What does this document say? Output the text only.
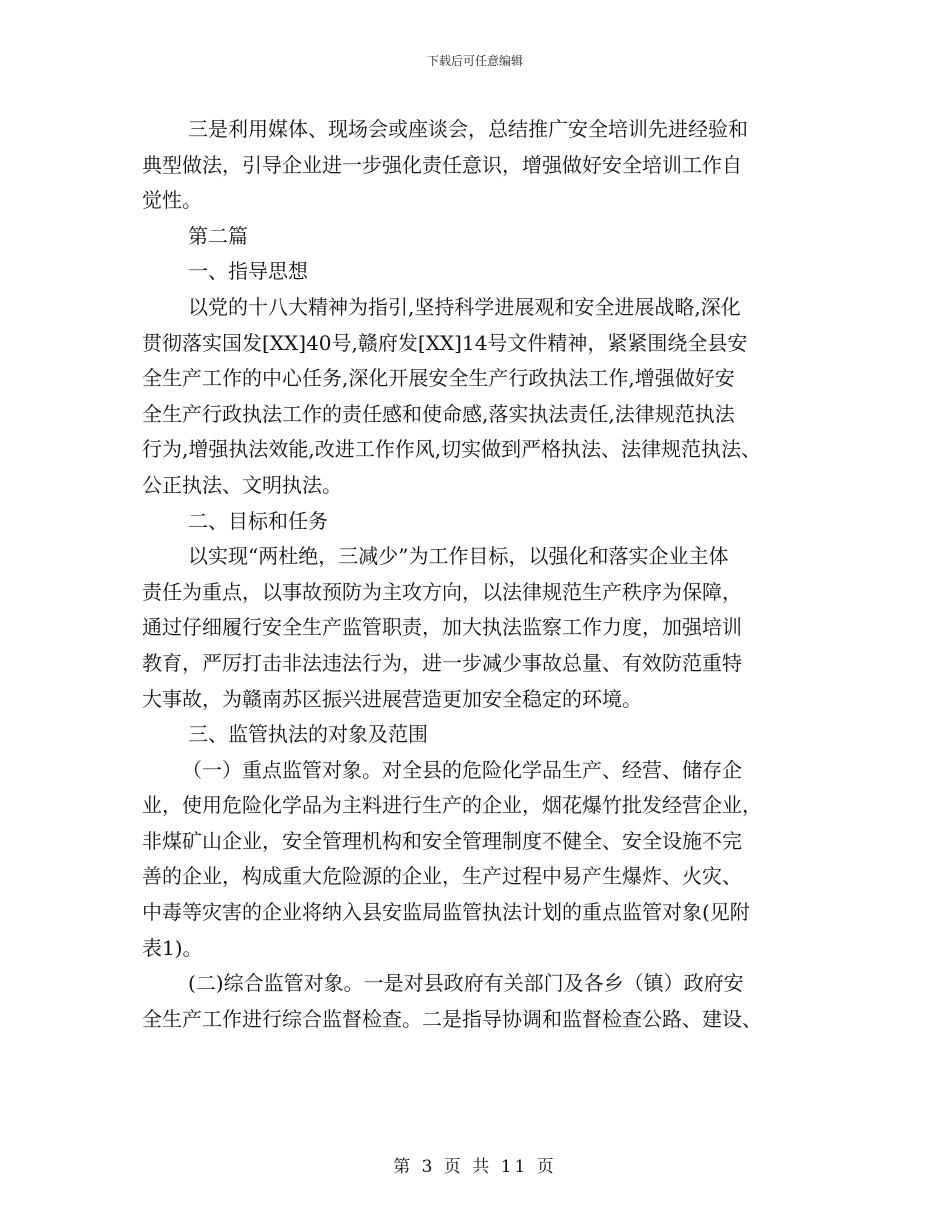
下载后可任意编辑
三是利用媒体、现场会或座谈会，总结推广安全培训先进经验和
典型做法，引导企业进一步强化责任意识，增强做好安全培训工作自
觉性。
第二篇
一、指导思想
以党的十八大精神为指引,坚持科学进展观和安全进展战略,深化
贯彻落实国发[XX]40号,赣府发[XX]14号文件精神，紧紧围绕全县安
全生产工作的中心任务,深化开展安全生产行政执法工作,增强做好安
全生产行政执法工作的责任感和使命感,落实执法责任,法律规范执法
行为,增强执法效能,改进工作作风,切实做到严格执法、法律规范执法、
公正执法、文明执法。
二、目标和任务
以实现“两杜绝，三减少”为工作目标，以强化和落实企业主体
责任为重点，以事故预防为主攻方向，以法律规范生产秩序为保障，
通过仔细履行安全生产监管职责，加大执法监察工作力度，加强培训
教育，严厉打击非法违法行为，进一步减少事故总量、有效防范重特
大事故，为赣南苏区振兴进展营造更加安全稳定的环境。
三、监管执法的对象及范围
（一）重点监管对象。对全县的危险化学品生产、经营、储存企
业，使用危险化学品为主料进行生产的企业，烟花爆竹批发经营企业，
非煤矿山企业，安全管理机构和安全管理制度不健全、安全设施不完
善的企业，构成重大危险源的企业，生产过程中易产生爆炸、火灾、
中毒等灾害的企业将纳入县安监局监管执法计划的重点监管对象(见附
表1)。
(二)综合监管对象。一是对县政府有关部门及各乡（镇）政府安
全生产工作进行综合监督检查。二是指导协调和监督检查公路、建设、
第 3 页 共 11 页
